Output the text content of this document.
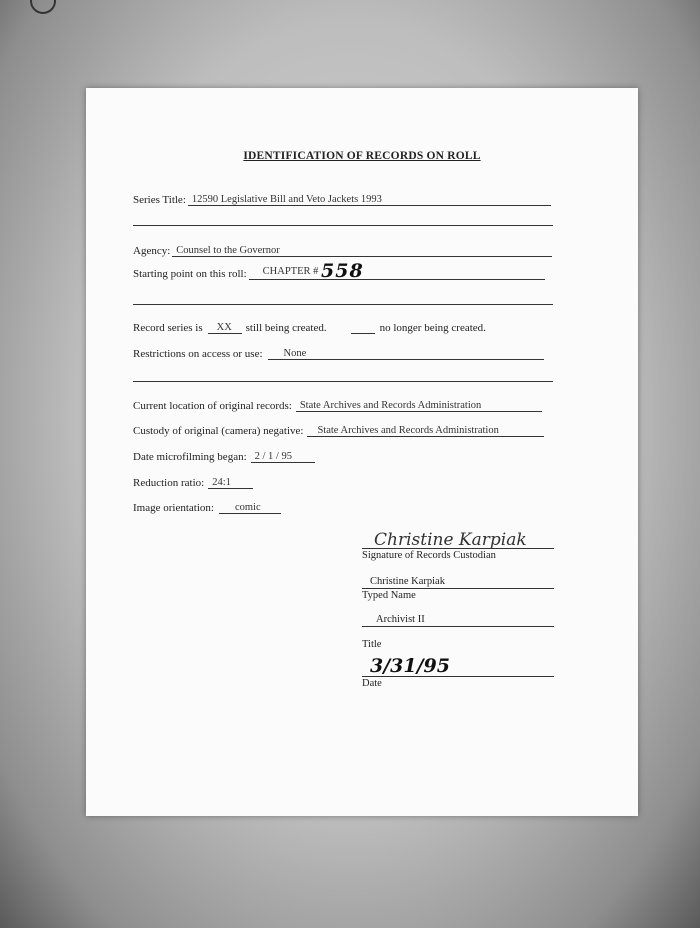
IDENTIFICATION OF RECORDS ON ROLL
Series Title: 12590 Legislative Bill and Veto Jackets 1993
Agency: Counsel to the Governor
Starting point on this roll: CHAPTER # 558
Record series is XX	still being created.	no longer being created.
Restrictions on access or use: None
Current location of original records: State Archives and Records Administration
Custody of original (camera) negative: State Archives and Records Administration
Date microfilming began: 2 / 1 / 95
Reduction ratio: 24:1
Image orientation: comic
Christine Karpiak
Signature of Records Custodian
Christine Karpiak
Typed Name
Archivist II
Title
3/31/95
Date
